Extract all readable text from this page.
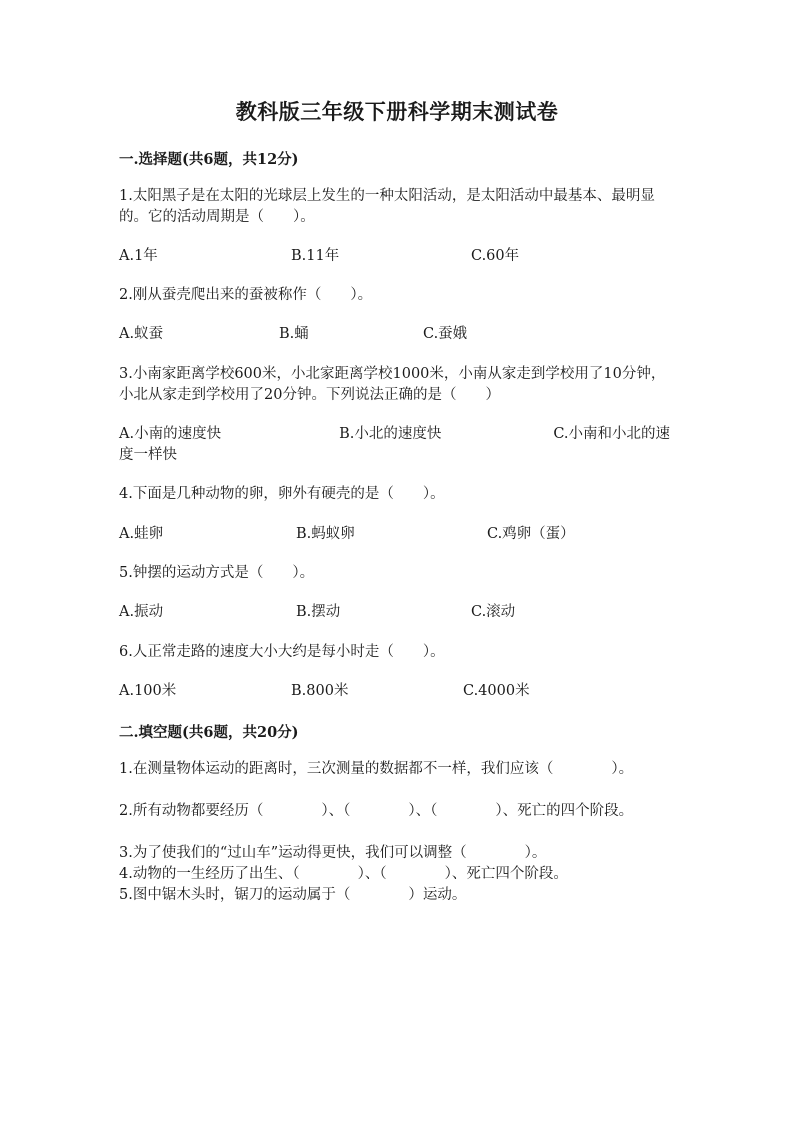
教科版三年级下册科学期末测试卷
一.选择题(共6题，共12分)
1.太阳黑子是在太阳的光球层上发生的一种太阳活动，是太阳活动中最基本、最明显的。它的活动周期是（　　）。
A.1年	B.11年	C.60年
2.刚从蚕壳爬出来的蚕被称作（　　）。
A.蚁蚕	B.蛹	C.蚕娥
3.小南家距离学校600米，小北家距离学校1000米，小南从家走到学校用了10分钟，小北从家走到学校用了20分钟。下列说法正确的是（　　）
A.小南的速度快	B.小北的速度快	C.小南和小北的速度一样快
4.下面是几种动物的卵，卵外有硬壳的是（　　）。
A.蛙卵	B.蚂蚁卵	C.鸡卵（蛋）
5.钟摆的运动方式是（　　）。
A.振动	B.摆动	C.滚动
6.人正常走路的速度大小大约是每小时走（　　）。
A.100米	B.800米	C.4000米
二.填空题(共6题，共20分)
1.在测量物体运动的距离时，三次测量的数据都不一样，我们应该（　　　　）。
2.所有动物都要经历（　　　　）、（　　　　）、（　　　　）、死亡的四个阶段。
3.为了使我们的“过山车”运动得更快，我们可以调整（　　　　）。
4.动物的一生经历了出生、（　　　　）、（　　　　）、死亡四个阶段。
5.图中锯木头时，锯刀的运动属于（　　　　）运动。
